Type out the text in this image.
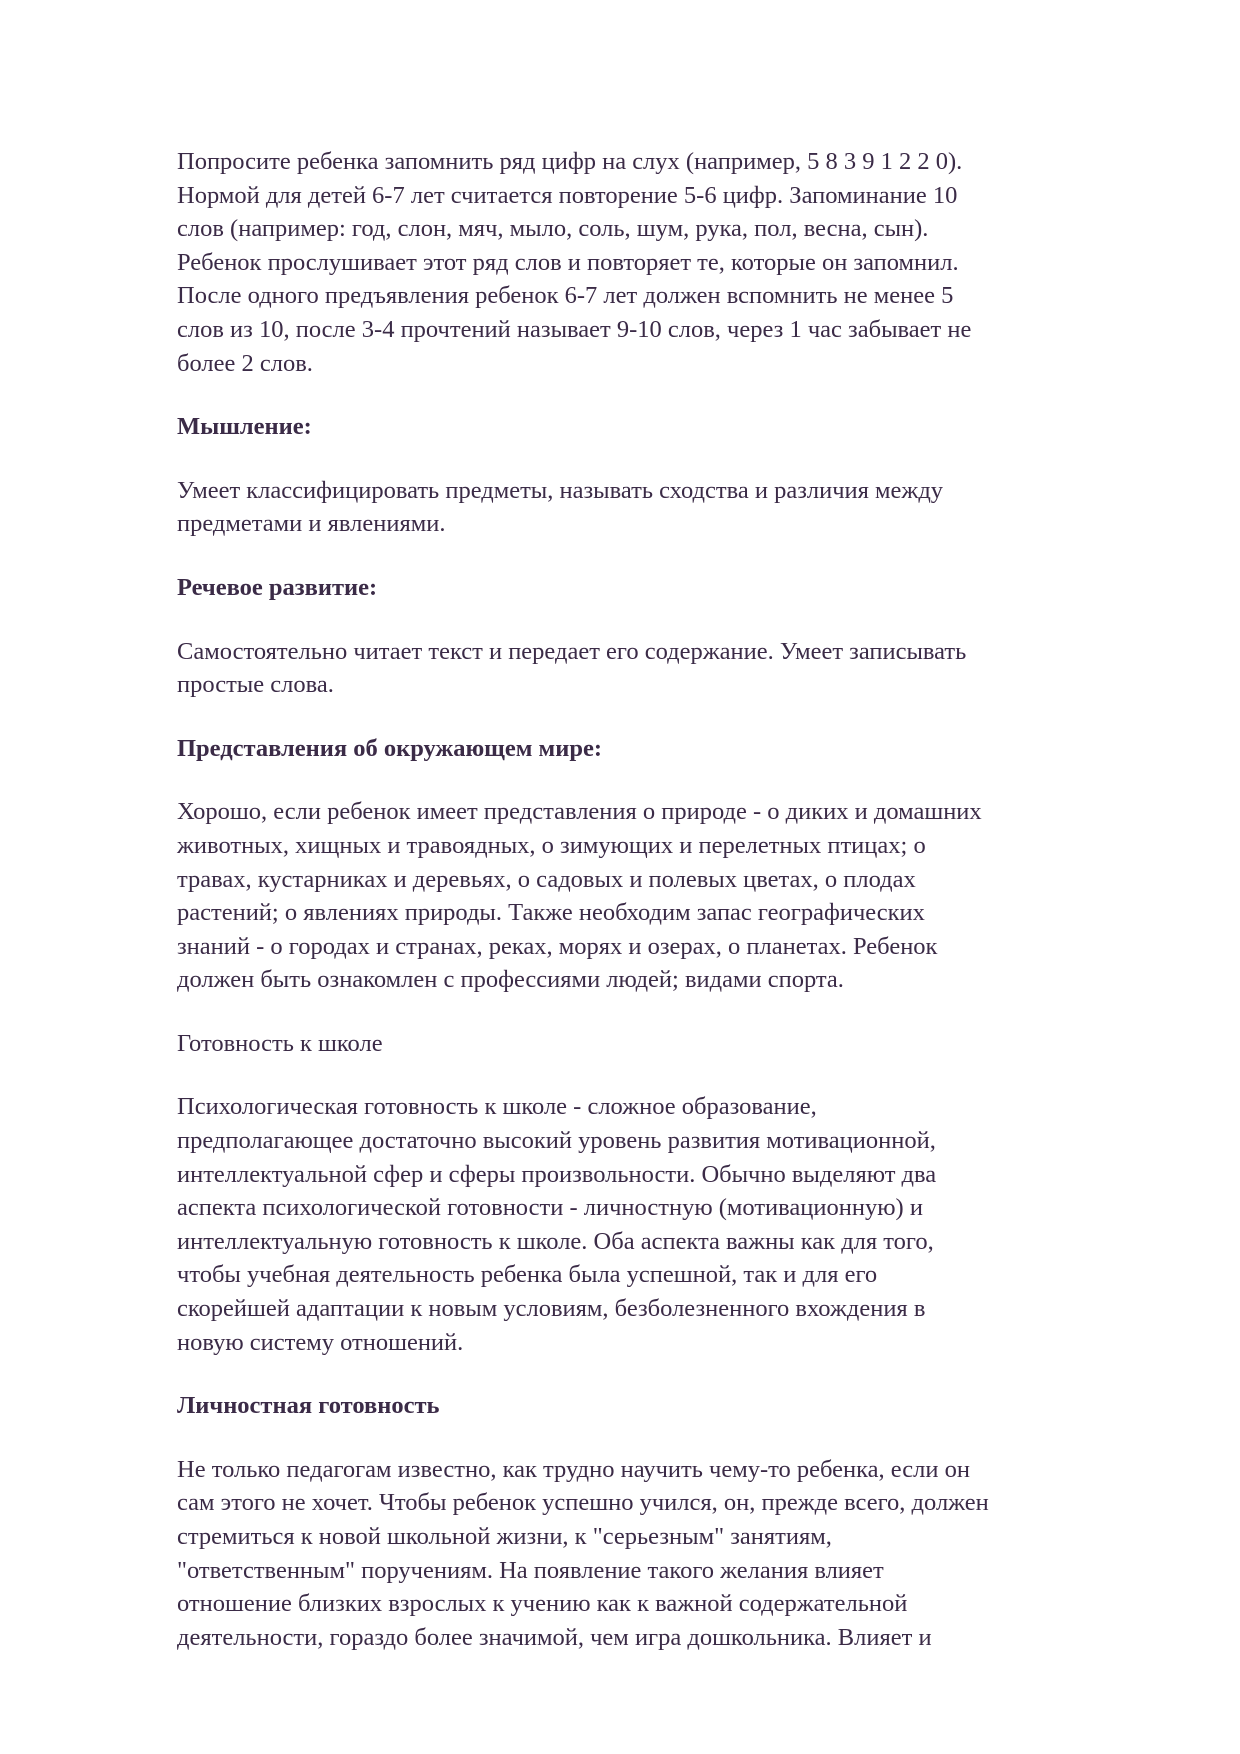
Попросите ребенка запомнить ряд цифр на слух (например, 5 8 3 9 1 2 2 0).
Нормой для детей 6-7 лет считается повторение 5-6 цифр. Запоминание 10
слов (например: год, слон, мяч, мыло, соль, шум, рука, пол, весна, сын).
Ребенок прослушивает этот ряд слов и повторяет те, которые он запомнил.
После одного предъявления ребенок 6-7 лет должен вспомнить не менее 5
слов из 10, после 3-4 прочтений называет 9-10 слов, через 1 час забывает не
более 2 слов.
Мышление:
Умеет классифицировать предметы, называть сходства и различия между
предметами и явлениями.
Речевое развитие:
Самостоятельно читает текст и передает его содержание. Умеет записывать
простые слова.
Представления об окружающем мире:
Хорошо, если ребенок имеет представления о природе - о диких и домашних
животных, хищных и травоядных, о зимующих и перелетных птицах; о
травах, кустарниках и деревьях, о садовых и полевых цветах, о плодах
растений; о явлениях природы. Также необходим запас географических
знаний - о городах и странах, реках, морях и озерах, о планетах. Ребенок
должен быть ознакомлен с профессиями людей; видами спорта.
Готовность к школе
Психологическая готовность к школе - сложное образование,
предполагающее достаточно высокий уровень развития мотивационной,
интеллектуальной сфер и сферы произвольности. Обычно выделяют два
аспекта психологической готовности - личностную (мотивационную) и
интеллектуальную готовность к школе. Оба аспекта важны как для того,
чтобы учебная деятельность ребенка была успешной, так и для его
скорейшей адаптации к новым условиям, безболезненного вхождения в
новую систему отношений.
Личностная готовность
Не только педагогам известно, как трудно научить чему-то ребенка, если он
сам этого не хочет. Чтобы ребенок успешно учился, он, прежде всего, должен
стремиться к новой школьной жизни, к "серьезным" занятиям,
"ответственным" поручениям. На появление такого желания влияет
отношение близких взрослых к учению как к важной содержательной
деятельности, гораздо более значимой, чем игра дошкольника. Влияет и
